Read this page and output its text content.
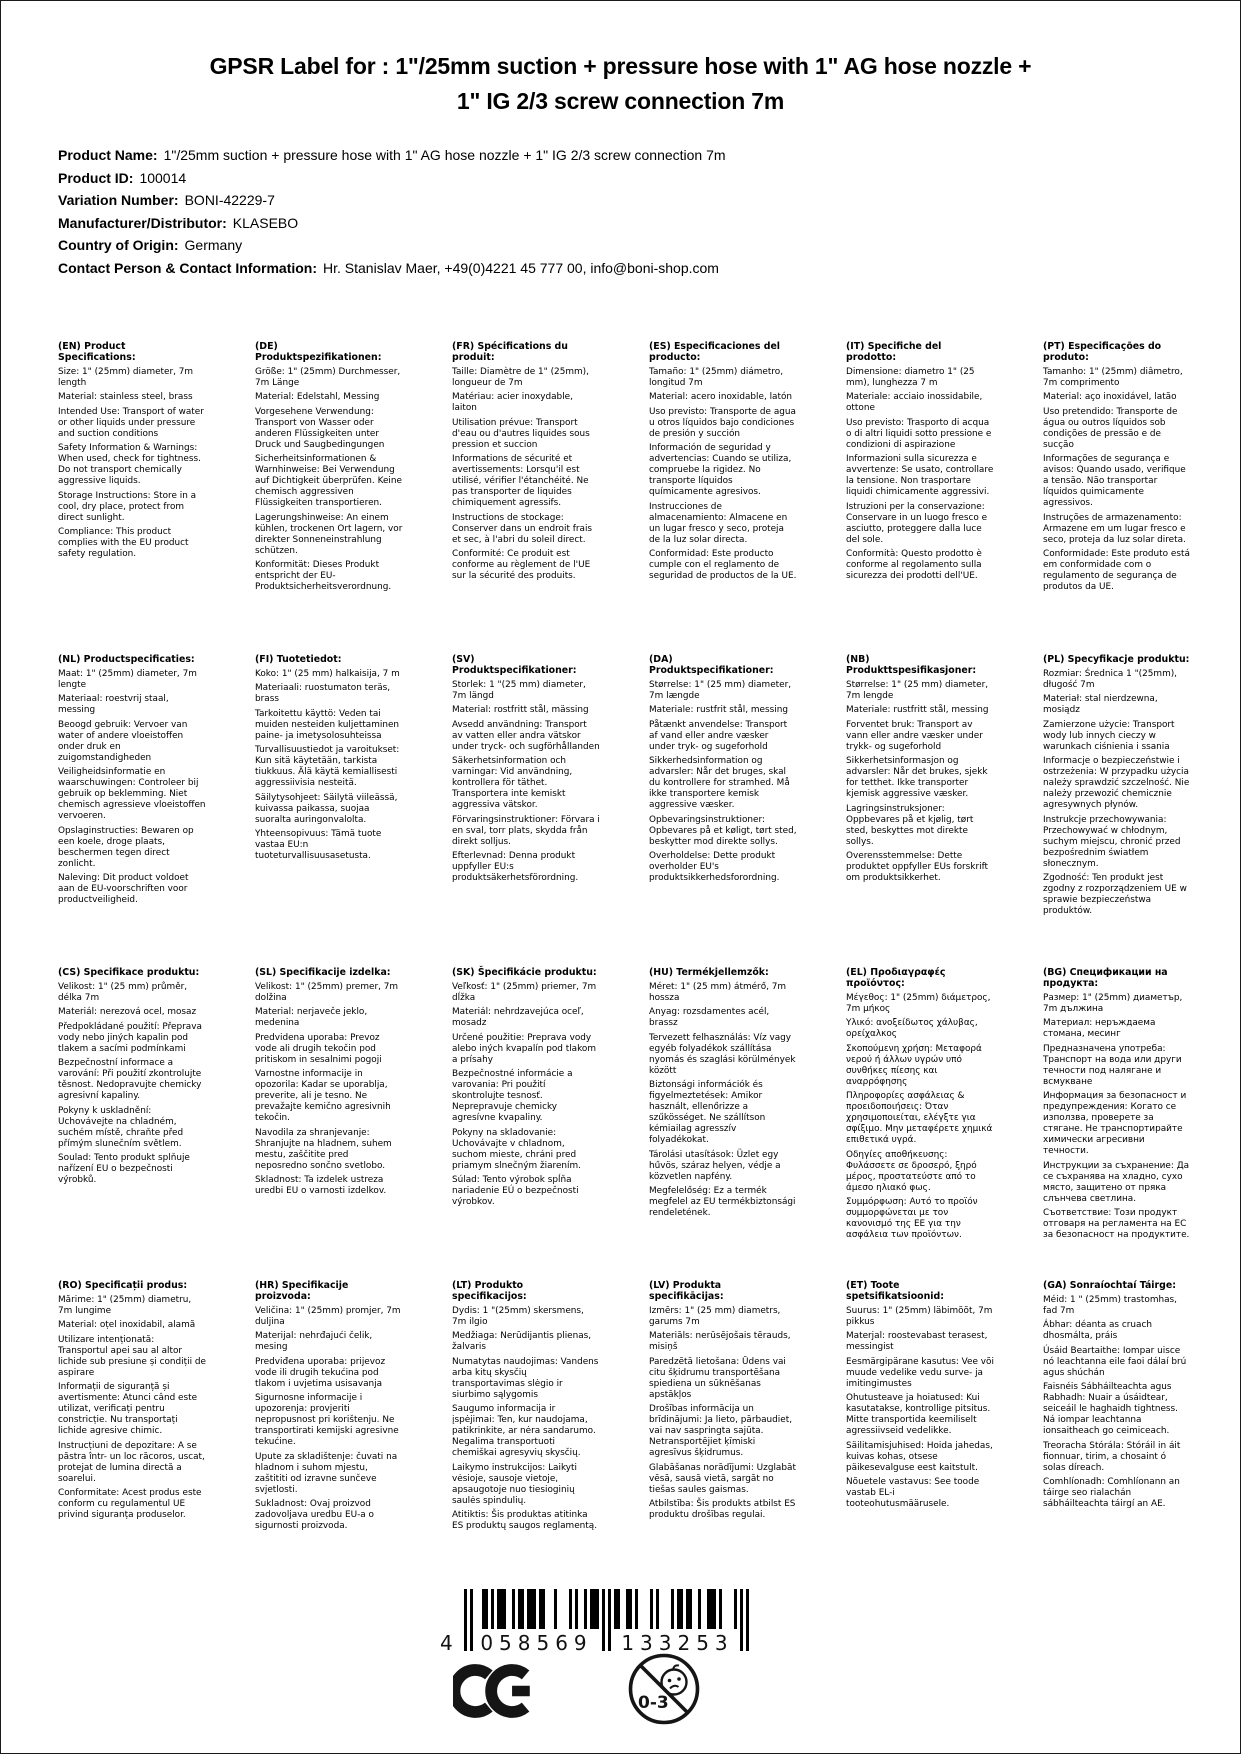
GPSR Label for : 1"/25mm suction + pressure hose with 1" AG hose nozzle + 1" IG 2/3 screw connection 7m
Product Name: 1"/25mm suction + pressure hose with 1" AG hose nozzle + 1" IG 2/3 screw connection 7m
Product ID: 100014
Variation Number: BONI-42229-7
Manufacturer/Distributor: KLASEBO
Country of Origin: Germany
Contact Person & Contact Information: Hr. Stanislav Maer, +49(0)4221 45 777 00, info@boni-shop.com
(EN) Product Specifications:

Size: 1" (25mm) diameter, 7m length

Material: stainless steel, brass

Intended Use: Transport of water or other liquids under pressure and suction conditions

Safety Information & Warnings: When used, check for tightness. Do not transport chemically aggressive liquids.

Storage Instructions: Store in a cool, dry place, protect from direct sunlight.

Compliance: This product complies with the EU product safety regulation.

(DE) Produktspezifikationen:

Größe: 1" (25mm) Durchmesser, 7m Länge

Material: Edelstahl, Messing

Vorgesehene Verwendung: Transport von Wasser oder anderen Flüssigkeiten unter Druck und Saugbedingungen

Sicherheitsinformationen & Warnhinweise: Bei Verwendung auf Dichtigkeit überprüfen. Keine chemisch aggressiven Flüssigkeiten transportieren.

Lagerungshinweise: An einem kühlen, trockenen Ort lagern, vor direkter Sonneneinstrahlung schützen.

Konformität: Dieses Produkt entspricht der EU-Produktsicherheitsverordnung.

(FR) Spécifications du produit:

Taille: Diamètre de 1" (25mm), longueur de 7m

Matériau: acier inoxydable, laiton

Utilisation prévue: Transport d'eau ou d'autres liquides sous pression et succion

Informations de sécurité et avertissements: Lorsqu'il est utilisé, vérifier l'étanchéité. Ne pas transporter de liquides chimiquement agressifs.

Instructions de stockage: Conserver dans un endroit frais et sec, à l'abri du soleil direct.

Conformité: Ce produit est conforme au règlement de l'UE sur la sécurité des produits.

(ES) Especificaciones del producto:

Tamaño: 1" (25mm) diámetro, longitud 7m

Material: acero inoxidable, latón

Uso previsto: Transporte de agua u otros líquidos bajo condiciones de presión y succión

Información de seguridad y advertencias: Cuando se utiliza, compruebe la rigidez. No transporte líquidos químicamente agresivos.

Instrucciones de almacenamiento: Almacene en un lugar fresco y seco, proteja de la luz solar directa.

Conformidad: Este producto cumple con el reglamento de seguridad de productos de la UE.

(IT) Specifiche del prodotto:

Dimensione: diametro 1" (25 mm), lunghezza 7 m

Materiale: acciaio inossidabile, ottone

Uso previsto: Trasporto di acqua o di altri liquidi sotto pressione e condizioni di aspirazione

Informazioni sulla sicurezza e avvertenze: Se usato, controllare la tensione. Non trasportare liquidi chimicamente aggressivi.

Istruzioni per la conservazione: Conservare in un luogo fresco e asciutto, proteggere dalla luce del sole.

Conformità: Questo prodotto è conforme al regolamento sulla sicurezza dei prodotti dell'UE.

(PT) Especificações do produto:

Tamanho: 1" (25mm) diâmetro, 7m comprimento

Material: aço inoxidável, latão

Uso pretendido: Transporte de água ou outros líquidos sob condições de pressão e de sucção

Informações de segurança e avisos: Quando usado, verifique a tensão. Não transportar líquidos quimicamente agressivos.

Instruções de armazenamento: Armazene em um lugar fresco e seco, proteja da luz solar direta.

Conformidade: Este produto está em conformidade com o regulamento de segurança de produtos da UE.

(NL) Productspecificaties:

Maat: 1" (25mm) diameter, 7m lengte

Materiaal: roestvrij staal, messing

Beoogd gebruik: Vervoer van water of andere vloeistoffen onder druk en zuigomstandigheden

Veiligheidsinformatie en waarschuwingen: Controleer bij gebruik op beklemming. Niet chemisch agressieve vloeistoffen vervoeren.

Opslaginstructies: Bewaren op een koele, droge plaats, beschermen tegen direct zonlicht.

Naleving: Dit product voldoet aan de EU-voorschriften voor productveiligheid.

(FI) Tuotetiedot:

Koko: 1" (25 mm) halkaisija, 7 m

Materiaali: ruostumaton teräs, brass

Tarkoitettu käyttö: Veden tai muiden nesteiden kuljettaminen paine- ja imetysolosuhteissa

Turvallisuustiedot ja varoitukset: Kun sitä käytetään, tarkista tiukkuus. Älä käytä kemiallisesti aggressiivisia nesteitä.

Säilytysohjeet: Säilytä viileässä, kuivassa paikassa, suojaa suoralta auringonvalolta.

Yhteensopivuus: Tämä tuote vastaa EU:n tuoteturvallisuusasetusta.

(SV) Produktspecifikationer:

Storlek: 1 "(25 mm) diameter, 7m längd

Material: rostfritt stål, mässing

Avsedd användning: Transport av vatten eller andra vätskor under tryck- och sugförhållanden

Säkerhetsinformation och varningar: Vid användning, kontrollera för täthet. Transportera inte kemiskt aggressiva vätskor.

Förvaringsinstruktioner: Förvara i en sval, torr plats, skydda från direkt solljus.

Efterlevnad: Denna produkt uppfyller EU:s produktsäkerhetsförordning.

(DA) Produktspecifikationer:

Størrelse: 1" (25 mm) diameter, 7m længde

Materiale: rustfrit stål, messing

Påtænkt anvendelse: Transport af vand eller andre væsker under tryk- og sugeforhold

Sikkerhedsinformation og advarsler: Når det bruges, skal du kontrollere for stramhed. Må ikke transportere kemisk aggressive væsker.

Opbevaringsinstruktioner: Opbevares på et køligt, tørt sted, beskytter mod direkte sollys.

Overholdelse: Dette produkt overholder EU's produktsikkerhedsforordning.

(NB) Produkttspesifikasjoner:

Størrelse: 1" (25 mm) diameter, 7m lengde

Materiale: rustfritt stål, messing

Forventet bruk: Transport av vann eller andre væsker under trykk- og sugeforhold

Sikkerhetsinformasjon og advarsler: Når det brukes, sjekk for tetthet. Ikke transporter kjemisk aggressive væsker.

Lagringsinstruksjoner: Oppbevares på et kjølig, tørt sted, beskyttes mot direkte sollys.

Overensstemmelse: Dette produktet oppfyller EUs forskrift om produktsikkerhet.

(PL) Specyfikacje produktu:

Rozmiar: Średnica 1 "(25mm), długość 7m

Materiał: stal nierdzewna, mosiądz

Zamierzone użycie: Transport wody lub innych cieczy w warunkach ciśnienia i ssania

Informacje o bezpieczeństwie i ostrzeżenia: W przypadku użycia należy sprawdzić szczelność. Nie należy przewozić chemicznie agresywnych płynów.

Instrukcje przechowywania: Przechowywać w chłodnym, suchym miejscu, chronić przed bezpośrednim światłem słonecznym.

Zgodność: Ten produkt jest zgodny z rozporządzeniem UE w sprawie bezpieczeństwa produktów.

(CS) Specifikace produktu:

Velikost: 1" (25 mm) průměr, délka 7m

Materiál: nerezová ocel, mosaz

Předpokládané použití: Přeprava vody nebo jiných kapalin pod tlakem a sacími podmínkami

Bezpečnostní informace a varování: Při použití zkontrolujte těsnost. Nedopravujte chemicky agresivní kapaliny.

Pokyny k uskladnění: Uchovávejte na chladném, suchém místě, chraňte před přímým slunečním světlem.

Soulad: Tento produkt splňuje nařízení EU o bezpečnosti výrobků.

(SL) Specifikacije izdelka:

Velikost: 1" (25mm) premer, 7m dolžina

Material: nerjaveče jeklo, medenina

Predvidena uporaba: Prevoz vode ali drugih tekočin pod pritiskom in sesalnimi pogoji

Varnostne informacije in opozorila: Kadar se uporablja, preverite, ali je tesno. Ne prevažajte kemično agresivnih tekočin.

Navodila za shranjevanje: Shranjujte na hladnem, suhem mestu, zaščitite pred neposredno sončno svetlobo.

Skladnost: Ta izdelek ustreza uredbi EU o varnosti izdelkov.

(SK) Špecifikácie produktu:

Veľkosť: 1" (25mm) priemer, 7m dĺžka

Materiál: nehrdzavejúca oceľ, mosadz

Určené použitie: Preprava vody alebo iných kvapalín pod tlakom a prísahy

Bezpečnostné informácie a varovania: Pri použití skontrolujte tesnosť. Neprepravuje chemicky agresívne kvapaliny.

Pokyny na skladovanie: Uchovávajte v chladnom, suchom mieste, chráni pred priamym slnečným žiarením.

Súlad: Tento výrobok spĺňa nariadenie EÚ o bezpečnosti výrobkov.

(HU) Termékjellemzők:

Méret: 1" (25 mm) átmérő, 7m hossza

Anyag: rozsdamentes acél, brassz

Tervezett felhasználás: Víz vagy egyéb folyadékok szállítása nyomás és szaglási körülmények között

Biztonsági információk és figyelmeztetések: Amikor használt, ellenőrizze a szűkösséget. Ne szállítson kémiailag agresszív folyadékokat.

Tárolási utasítások: Üzlet egy hűvös, száraz helyen, védje a közvetlen napfény.

Megfelelőség: Ez a termék megfelel az EU termékbiztonsági rendeletének.

(EL) Προδιαγραφές προϊόντος:

Μέγεθος: 1" (25mm) διάμετρος, 7m μήκος

Υλικό: ανοξείδωτος χάλυβας, ορείχαλκος

Σκοπούμενη χρήση: Μεταφορά νερού ή άλλων υγρών υπό συνθήκες πίεσης και αναρρόφησης

Πληροφορίες ασφάλειας & προειδοποιήσεις: Όταν χρησιμοποιείται, ελέγξτε για σφίξιμο. Μην μεταφέρετε χημικά επιθετικά υγρά.

Οδηγίες αποθήκευσης: Φυλάσσετε σε δροσερό, ξηρό μέρος, προστατεύστε από το άμεσο ηλιακό φως.

Συμμόρφωση: Αυτό το προϊόν συμμορφώνεται με τον κανονισμό της ΕΕ για την ασφάλεια των προϊόντων.

(BG) Спецификации на продукта:

Размер: 1" (25mm) диаметър, 7m дължина

Материал: неръждаема стомана, месинг

Предназначена употреба: Транспорт на вода или други течности под налягане и всмукване

Информация за безопасност и предупреждения: Когато се използва, проверете за стягане. Не транспортирайте химически агресивни течности.

Инструкции за съхранение: Да се съхранява на хладно, сухо място, защитено от пряка слънчева светлина.

Съответствие: Този продукт отговаря на регламента на ЕС за безопасност на продуктите.

(RO) Specificații produs:

Mărime: 1" (25mm) diametru, 7m lungime

Material: oțel inoxidabil, alamă

Utilizare intenționată: Transportul apei sau al altor lichide sub presiune și condiții de aspirare

Informații de siguranță și avertismente: Atunci când este utilizat, verificați pentru constricție. Nu transportați lichide agresive chimic.

Instrucțiuni de depozitare: A se păstra într- un loc răcoros, uscat, protejat de lumina directă a soarelui.

Conformitate: Acest produs este conform cu regulamentul UE privind siguranța produselor.

(HR) Specifikacije proizvoda:

Veličina: 1" (25mm) promjer, 7m duljina

Materijal: nehrđajući čelik, mesing

Predviđena uporaba: prijevoz vode ili drugih tekućina pod tlakom i uvjetima usisavanja

Sigurnosne informacije i upozorenja: provjeriti nepropusnost pri korištenju. Ne transportirati kemijski agresivne tekućine.

Upute za skladištenje: čuvati na hladnom i suhom mjestu, zaštititi od izravne sunčeve svjetlosti.

Sukladnost: Ovaj proizvod zadovoljava uredbu EU-a o sigurnosti proizvoda.

(LT) Produkto specifikacijos:

Dydis: 1 "(25mm) skersmens, 7m ilgio

Medžiaga: Nerūdijantis plienas, žalvaris

Numatytas naudojimas: Vandens arba kitų skysčių transportavimas slėgio ir siurbimo sąlygomis

Saugumo informacija ir įspėjimai: Ten, kur naudojama, patikrinkite, ar nėra sandarumo. Negalima transportuoti chemiškai agresyvių skysčių.

Laikymo instrukcijos: Laikyti vėsioje, sausoje vietoje, apsaugotoje nuo tiesioginių saulės spindulių.

Atitiktis: Šis produktas atitinka ES produktų saugos reglamentą.

(LV) Produkta specifikācijas:

Izmērs: 1" (25 mm) diametrs, garums 7m

Materiāls: nerūsējošais tērauds, misiņš

Paredzētā lietošana: Ūdens vai citu šķidrumu transportēšana spiediena un sūknēšanas apstākļos

Drošības informācija un brīdinājumi: Ja lieto, pārbaudiet, vai nav saspringta sajūta. Netransportējiet ķīmiski agresīvus šķidrumus.

Glabāšanas norādījumi: Uzglabāt vēsā, sausā vietā, sargāt no tiešas saules gaismas.

Atbilstība: Šis produkts atbilst ES produktu drošības regulai.

(ET) Toote spetsifikatsioonid:

Suurus: 1" (25mm) läbimõõt, 7m pikkus

Materjal: roostevabast terasest, messingist

Eesmärgipärane kasutus: Vee või muude vedelike vedu surve- ja imitingimustes

Ohutusteave ja hoiatused: Kui kasutatakse, kontrollige pitsitus. Mitte transportida keemiliselt agressiivseid vedelikke.

Säilitamisjuhised: Hoida jahedas, kuivas kohas, otsese päikesevalguse eest kaitstult.

Nõuetele vastavus: See toode vastab EL-i tooteohutusmäärusele.

(GA) Sonraíochtaí Táirge:

Méid: 1 " (25mm) trastomhas, fad 7m

Ábhar: déanta as cruach dhosmálta, práis

Úsáid Beartaithe: Iompar uisce nó leachtanna eile faoi dálaí brú agus shúchán

Faisnéis Sábháilteachta agus Rabhadh: Nuair a úsáidtear, seiceáil le haghaidh tightness. Ná iompar leachtanna ionsaitheach go ceimiceach.

Treoracha Stórála: Stóráil in áit fionnuar, tirim, a chosaint ó solas díreach.

Comhlíonadh: Comhlíonann an táirge seo rialachán sábháilteachta táirgí an AE.

4	058569	133253
0-3
